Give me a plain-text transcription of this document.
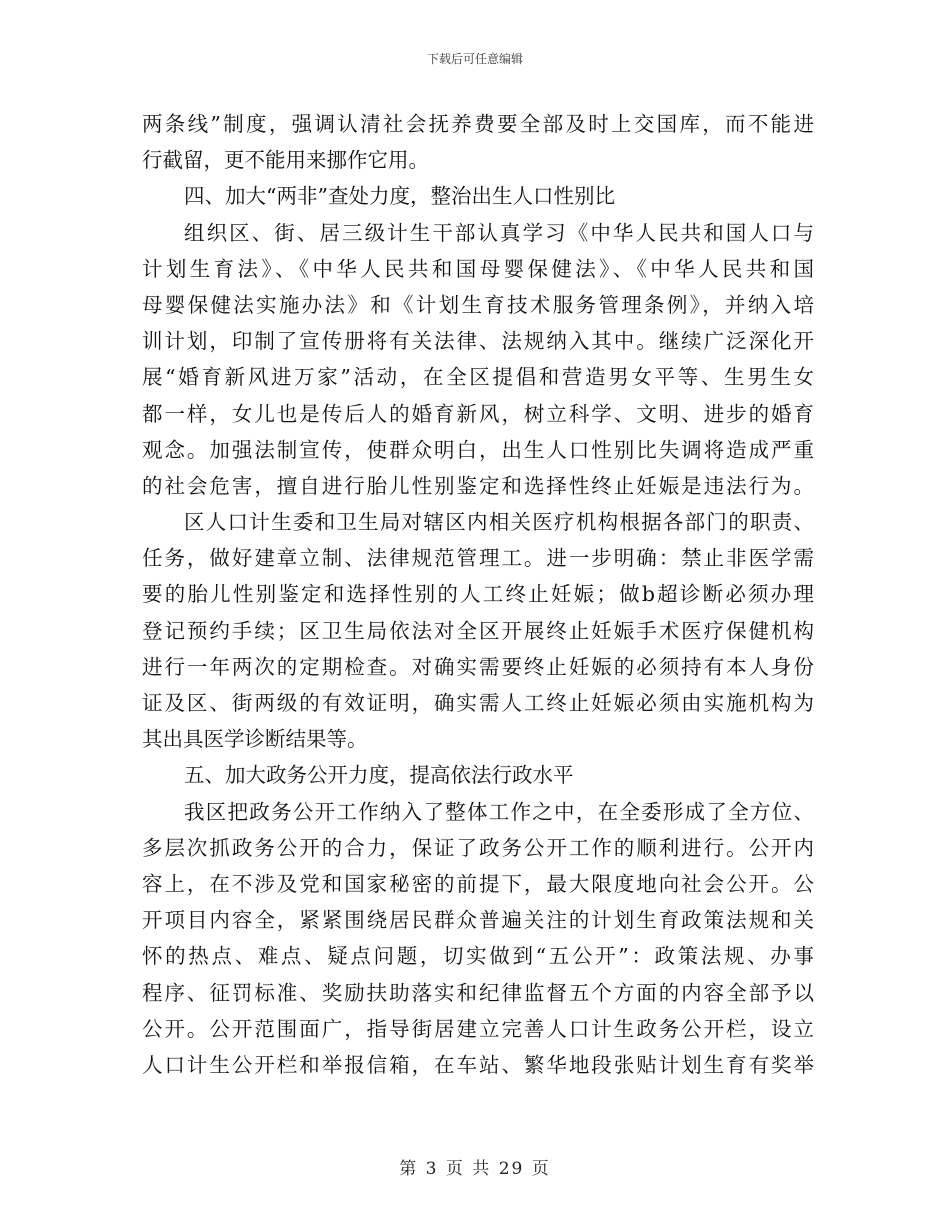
下载后可任意编辑
两条线”制度，强调认清社会抚养费要全部及时上交国库，而不能进
行截留，更不能用来挪作它用。
四、加大“两非”查处力度，整治出生人口性别比
组织区、街、居三级计生干部认真学习《中华人民共和国人口与
计划生育法》、《中华人民共和国母婴保健法》、《中华人民共和国
母婴保健法实施办法》和《计划生育技术服务管理条例》，并纳入培
训计划，印制了宣传册将有关法律、法规纳入其中。继续广泛深化开
展“婚育新风进万家”活动，在全区提倡和营造男女平等、生男生女
都一样，女儿也是传后人的婚育新风，树立科学、文明、进步的婚育
观念。加强法制宣传，使群众明白，出生人口性别比失调将造成严重
的社会危害，擅自进行胎儿性别鉴定和选择性终止妊娠是违法行为。
区人口计生委和卫生局对辖区内相关医疗机构根据各部门的职责、
任务，做好建章立制、法律规范管理工。进一步明确：禁止非医学需
要的胎儿性别鉴定和选择性别的人工终止妊娠；做b超诊断必须办理
登记预约手续；区卫生局依法对全区开展终止妊娠手术医疗保健机构
进行一年两次的定期检查。对确实需要终止妊娠的必须持有本人身份
证及区、街两级的有效证明，确实需人工终止妊娠必须由实施机构为
其出具医学诊断结果等。
五、加大政务公开力度，提高依法行政水平
我区把政务公开工作纳入了整体工作之中，在全委形成了全方位、
多层次抓政务公开的合力，保证了政务公开工作的顺利进行。公开内
容上，在不涉及党和国家秘密的前提下，最大限度地向社会公开。公
开项目内容全，紧紧围绕居民群众普遍关注的计划生育政策法规和关
怀的热点、难点、疑点问题，切实做到“五公开”：政策法规、办事
程序、征罚标准、奖励扶助落实和纪律监督五个方面的内容全部予以
公开。公开范围面广，指导街居建立完善人口计生政务公开栏，设立
人口计生公开栏和举报信箱，在车站、繁华地段张贴计划生育有奖举
第 3 页 共 29 页
